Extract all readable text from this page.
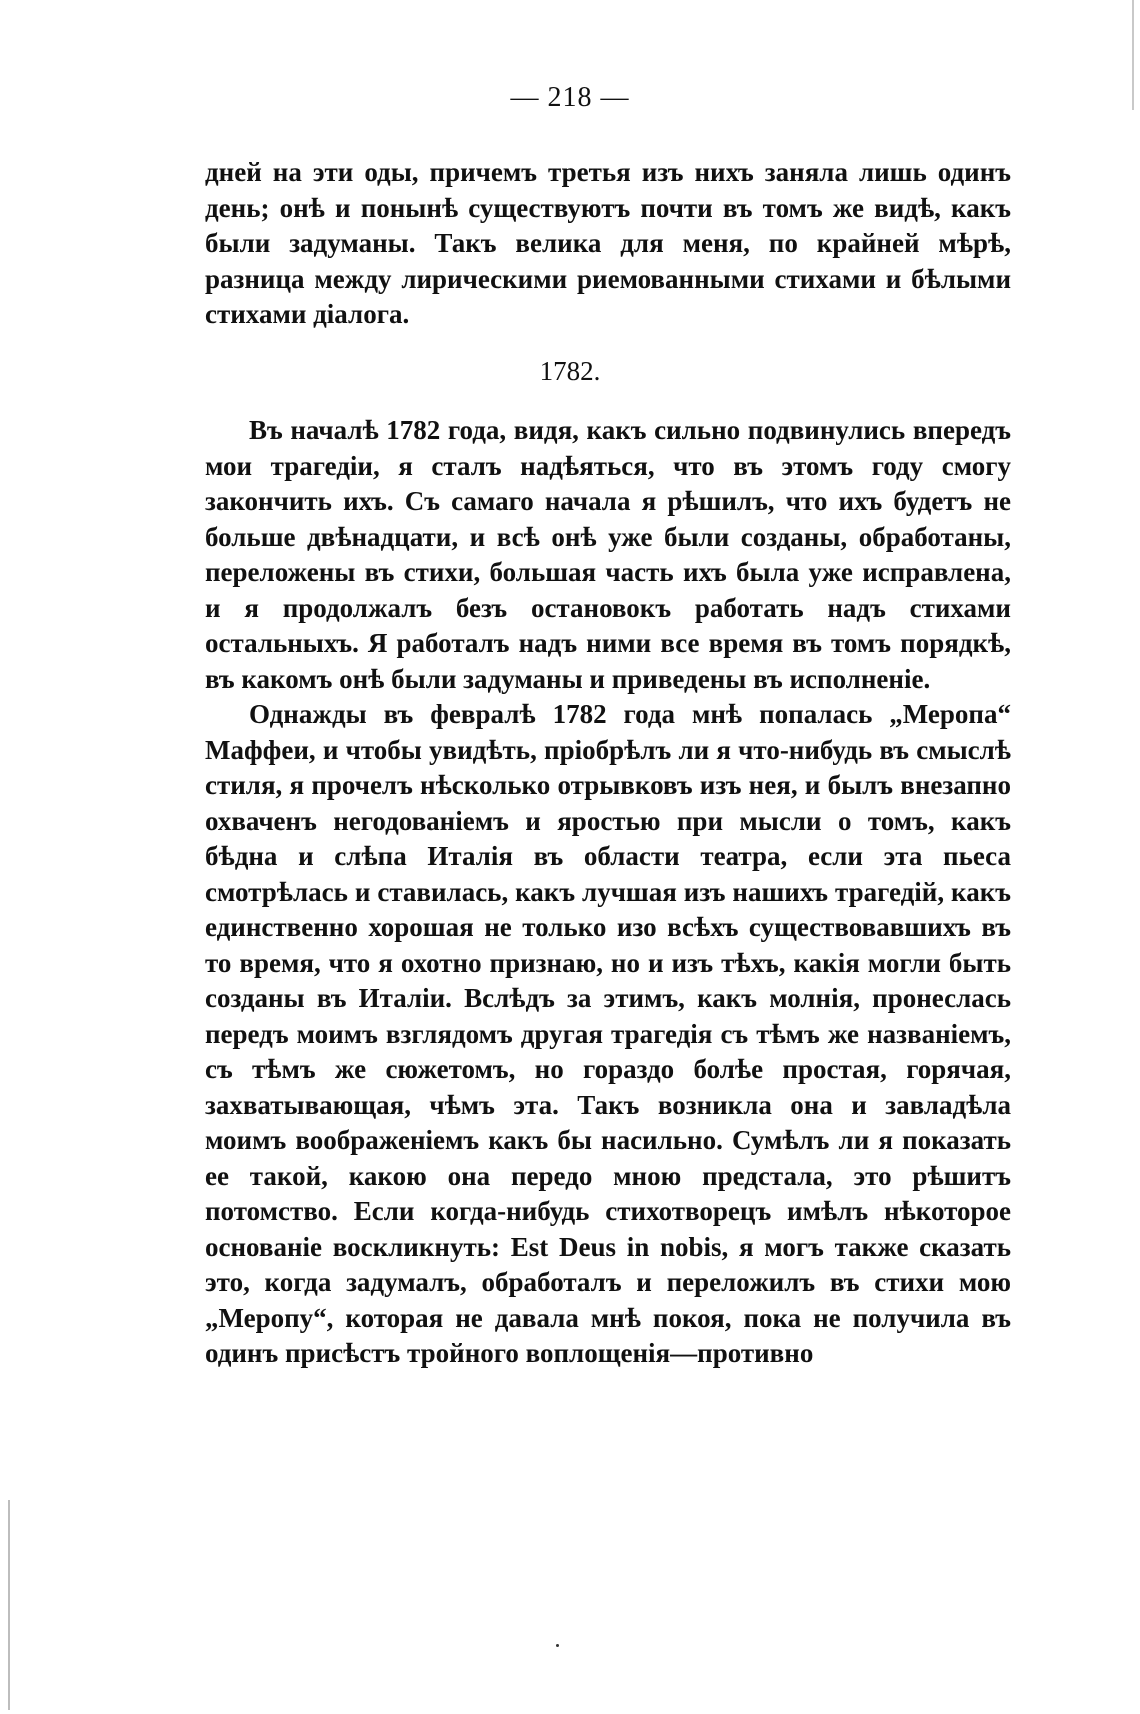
— 218 —

дней на эти оды, причемъ третья изъ нихъ заняла лишь одинъ день; онѣ и понынѣ существуютъ почти въ томъ же видѣ, какъ были задуманы. Такъ велика для меня, по крайней мѣрѣ, разница между лирическими риемованными стихами и бѣлыми стихами діалога.

1782.

Въ началѣ 1782 года, видя, какъ сильно подвинулись впередъ мои трагедіи, я сталъ надѣяться, что въ этомъ году смогу закончить ихъ. Съ самаго начала я рѣшилъ, что ихъ будетъ не больше двѣнадцати, и всѣ онѣ уже были созданы, обработаны, переложены въ стихи, большая часть ихъ была уже исправлена, и я продолжалъ безъ остановокъ работать надъ стихами остальныхъ. Я работалъ надъ ними все время въ томъ порядкѣ, въ какомъ онѣ были задуманы и приведены въ исполненіе.

Однажды въ февралѣ 1782 года мнѣ попалась „Меропа“ Маффеи, и чтобы увидѣть, пріобрѣлъ ли я что-нибудь въ смыслѣ стиля, я прочелъ нѣсколько отрывковъ изъ нея, и былъ внезапно охваченъ негодованіемъ и яростью при мысли о томъ, какъ бѣдна и слѣпа Италія въ области театра, если эта пьеса смотрѣлась и ставилась, какъ лучшая изъ нашихъ трагедій, какъ единственно хорошая не только изо всѣхъ существовавшихъ въ то время, что я охотно признаю, но и изъ тѣхъ, какія могли быть созданы въ Италіи. Вслѣдъ за этимъ, какъ молнія, пронеслась передъ моимъ взглядомъ другая трагедія съ тѣмъ же названіемъ, съ тѣмъ же сюжетомъ, но гораздо болѣе простая, горячая, захватывающая, чѣмъ эта. Такъ возникла она и завладѣла моимъ воображеніемъ какъ бы насильно. Сумѣлъ ли я показать ее такой, какою она передо мною предстала, это рѣшитъ потомство. Если когда-нибудь стихотворецъ имѣлъ нѣкоторое основаніе воскликнуть: Est Deus in nobis, я могъ также сказать это, когда задумалъ, обработалъ и переложилъ въ стихи мою „Меропу“, которая не давала мнѣ покоя, пока не получила въ одинъ присѣстъ тройного воплощенія—противно
